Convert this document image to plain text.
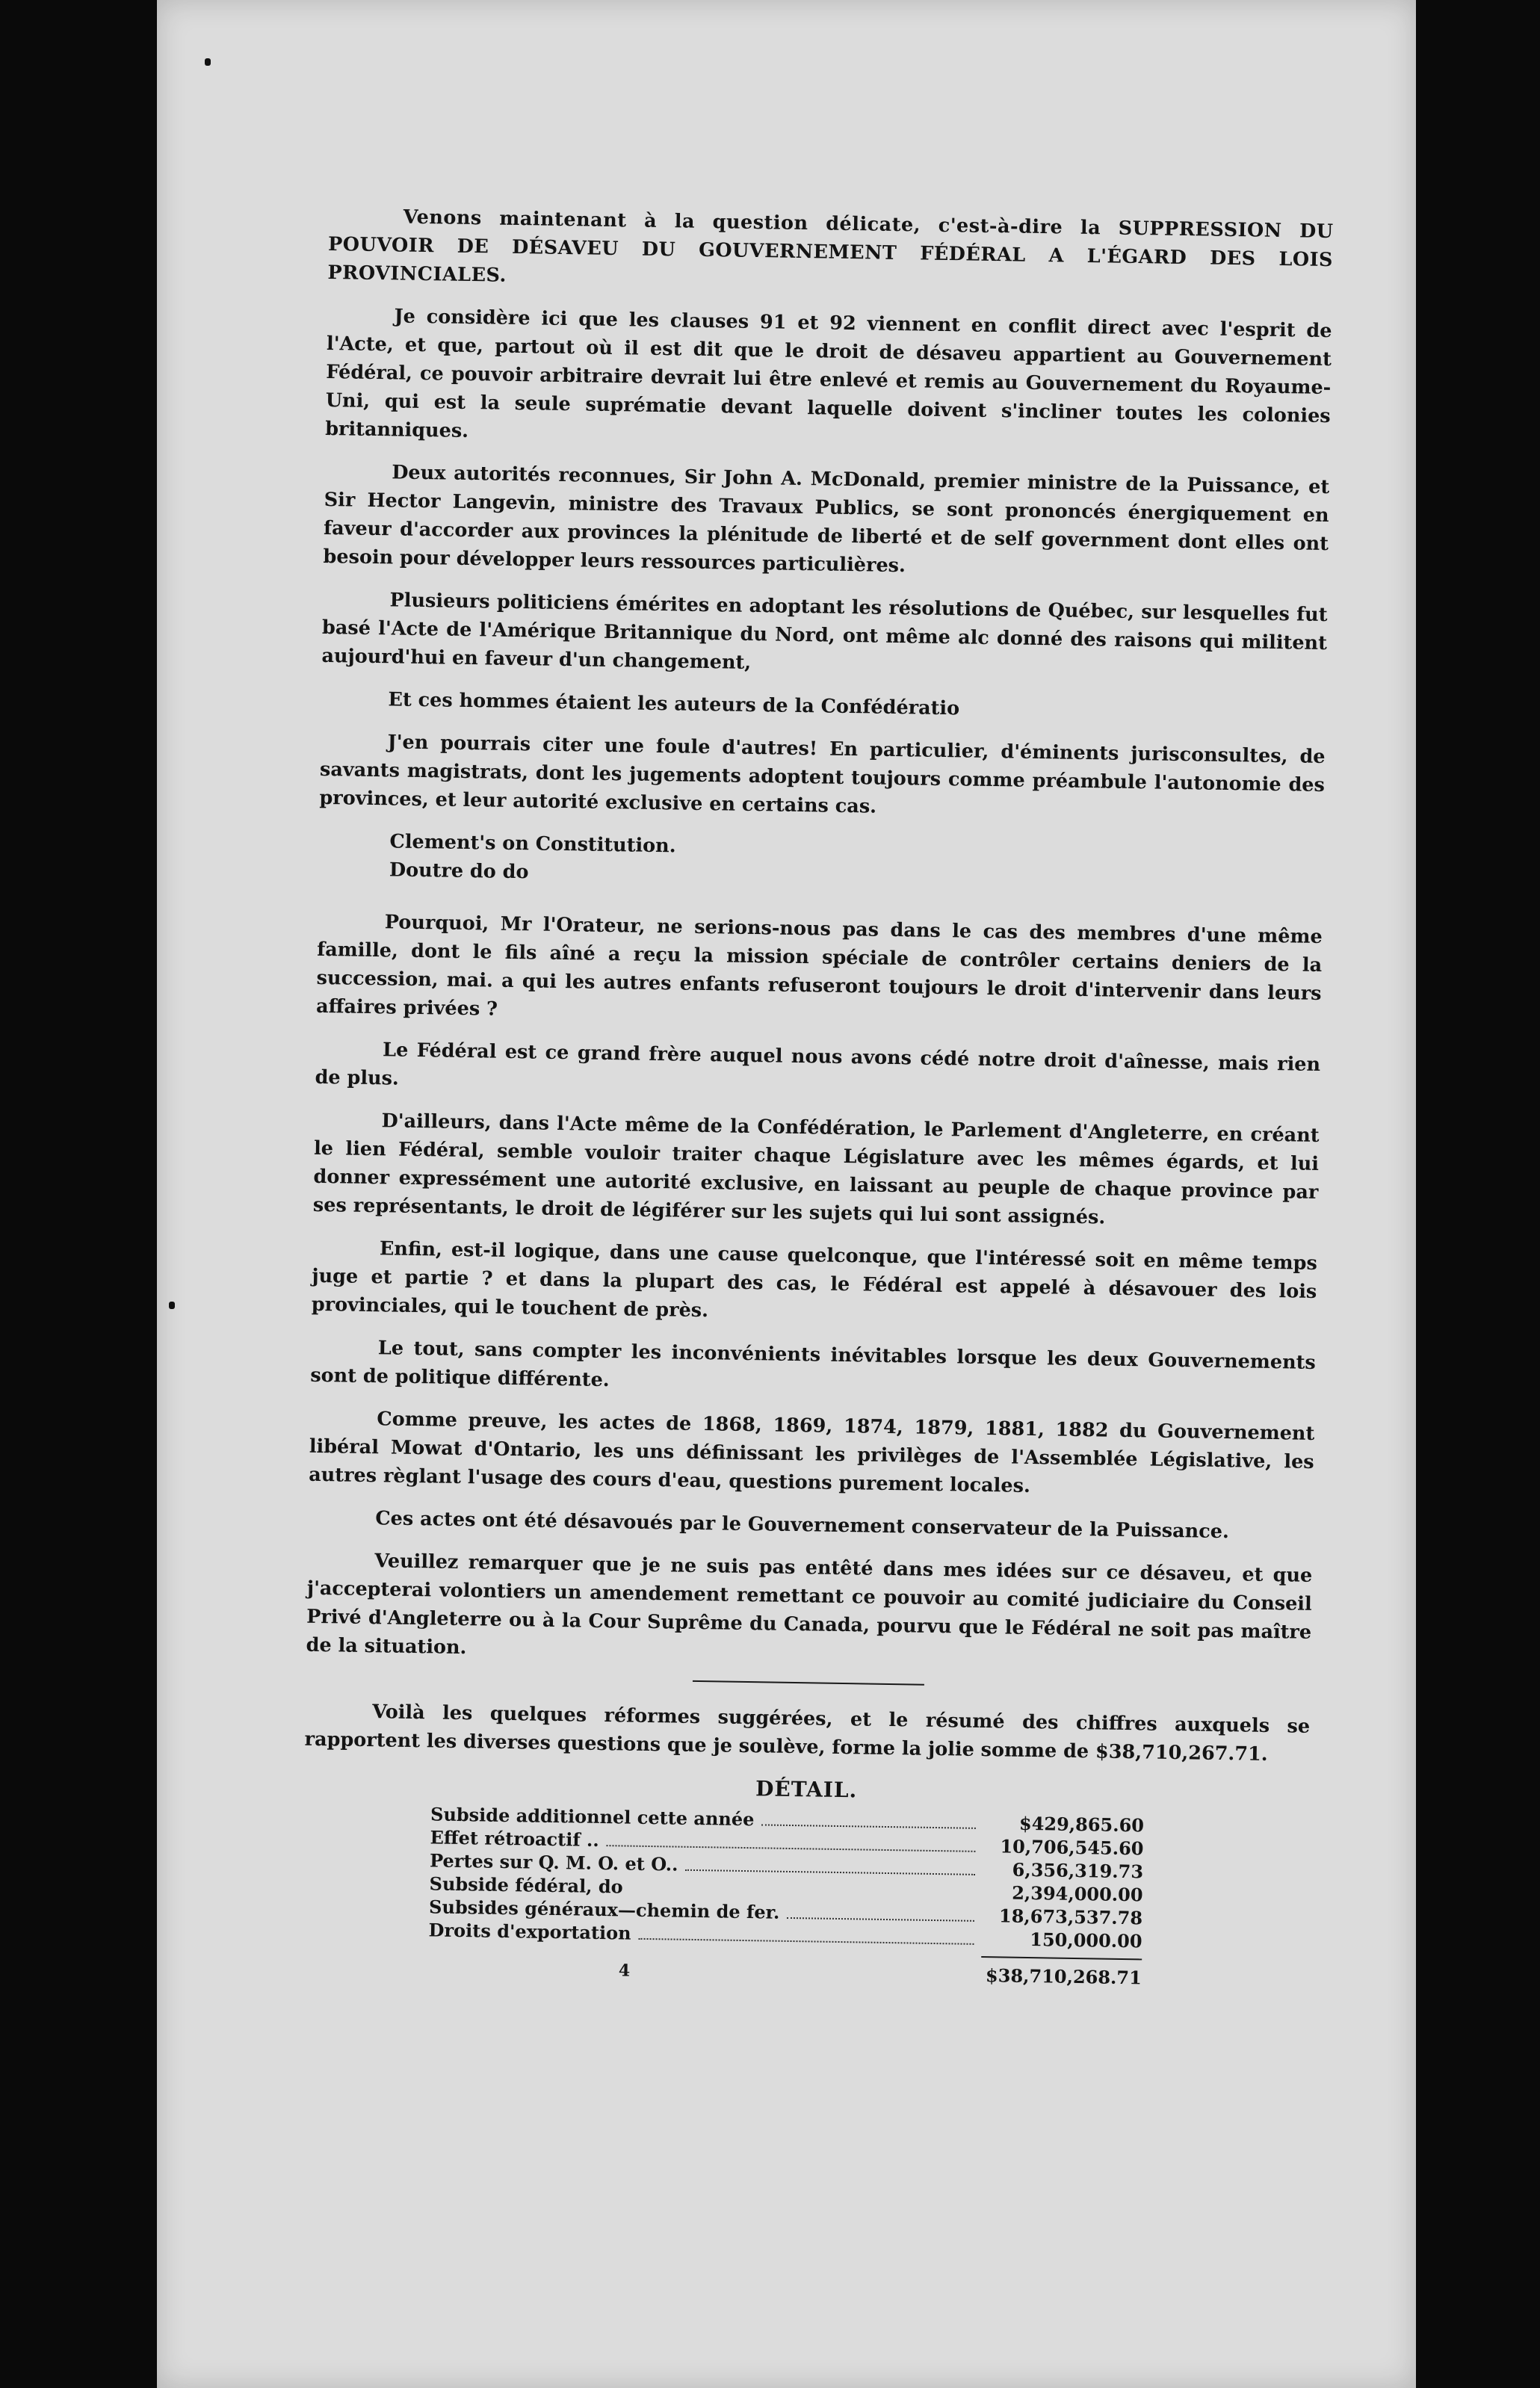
Venons maintenant à la question délicate, c'est-à-dire la SUPPRESSION DU POUVOIR DE DÉSAVEU DU GOUVERNEMENT FÉDÉRAL A L'ÉGARD DES LOIS PROVINCIALES.

Je considère ici que les clauses 91 et 92 viennent en conflit direct avec l'esprit de l'Acte, et que, partout où il est dit que le droit de désaveu appartient au Gouvernement Fédéral, ce pouvoir arbitraire devrait lui être enlevé et remis au Gouvernement du Royaume-Uni, qui est la seule suprématie devant laquelle doivent s'incliner toutes les colonies britanniques.

Deux autorités reconnues, Sir John A. McDonald, premier ministre de la Puissance, et Sir Hector Langevin, ministre des Travaux Publics, se sont prononcés énergiquement en faveur d'accorder aux provinces la plénitude de liberté et de self government dont elles ont besoin pour développer leurs ressources particulières.

Plusieurs politiciens émérites en adoptant les résolutions de Québec, sur lesquelles fut basé l'Acte de l'Amérique Britannique du Nord, ont même alc donné des raisons qui militent aujourd'hui en faveur d'un changement,

Et ces hommes étaient les auteurs de la Confédératio

J'en pourrais citer une foule d'autres! En particulier, d'éminents jurisconsultes, de savants magistrats, dont les jugements adoptent toujours comme préambule l'autonomie des provinces, et leur autorité exclusive en certains cas.

Clement's on Constitution.
Doutre do do

Pourquoi, Mr l'Orateur, ne serions-nous pas dans le cas des membres d'une même famille, dont le fils aîné a reçu la mission spéciale de contrôler certains deniers de la succession, mai. a qui les autres enfants refuseront toujours le droit d'intervenir dans leurs affaires privées ?

Le Fédéral est ce grand frère auquel nous avons cédé notre droit d'aînesse, mais rien de plus.

D'ailleurs, dans l'Acte même de la Confédération, le Parlement d'Angleterre, en créant le lien Fédéral, semble vouloir traiter chaque Législature avec les mêmes égards, et lui donner expressément une autorité exclusive, en laissant au peuple de chaque province par ses représentants, le droit de légiférer sur les sujets qui lui sont assignés.

Enfin, est-il logique, dans une cause quelconque, que l'intéressé soit en même temps juge et partie ? et dans la plupart des cas, le Fédéral est appelé à désavouer des lois provinciales, qui le touchent de près.

Le tout, sans compter les inconvénients inévitables lorsque les deux Gouvernements sont de politique différente.

Comme preuve, les actes de 1868, 1869, 1874, 1879, 1881, 1882 du Gouvernement libéral Mowat d'Ontario, les uns définissant les privilèges de l'Assemblée Législative, les autres règlant l'usage des cours d'eau, questions purement locales.

Ces actes ont été désavoués par le Gouvernement conservateur de la Puissance.

Veuillez remarquer que je ne suis pas entêté dans mes idées sur ce désaveu, et que j'accepterai volontiers un amendement remettant ce pouvoir au comité judiciaire du Conseil Privé d'Angleterre ou à la Cour Suprême du Canada, pourvu que le Fédéral ne soit pas maître de la situation.

Voilà les quelques réformes suggérées, et le résumé des chiffres auxquels se rapportent les diverses questions que je soulève, forme la jolie somme de $38,710,267.71.

DÉTAIL.
Subside additionnel cette année	$429,865.60
Effet rétroactif ..	10,706,545.60
Pertes sur Q. M. O. et O..	6,356,319.73
Subside fédéral, do	2,394,000.00
Subsides généraux—chemin de fer.	18,673,537.78
Droits d'exportation	150,000.00
4	$38,710,268.71
